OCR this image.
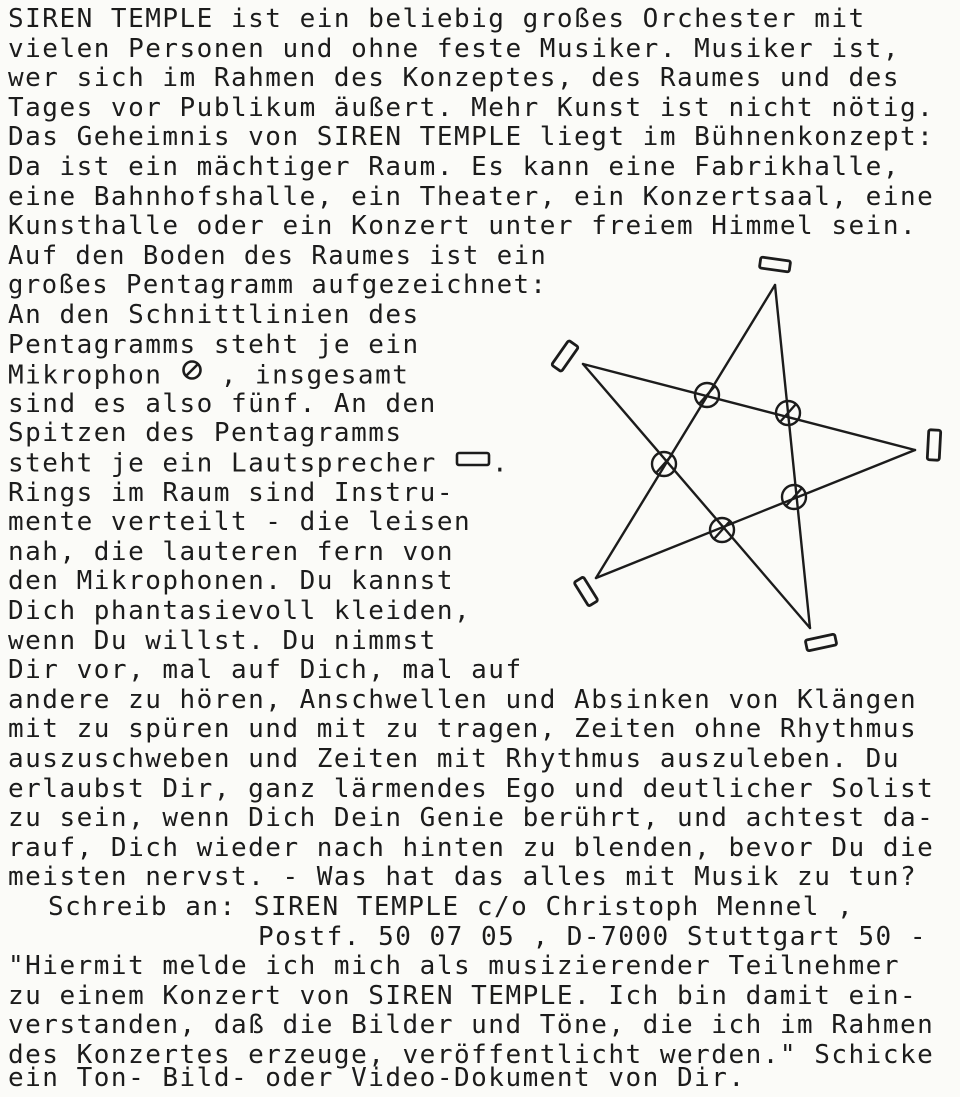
SIREN TEMPLE ist ein beliebig großes Orchester mit
vielen Personen und ohne feste Musiker. Musiker ist,
wer sich im Rahmen des Konzeptes, des Raumes und des
Tages vor Publikum äußert. Mehr Kunst ist nicht nötig.
Das Geheimnis von SIREN TEMPLE liegt im Bühnenkonzept:
Da ist ein mächtiger Raum. Es kann eine Fabrikhalle,
eine Bahnhofshalle, ein Theater, ein Konzertsaal, eine
Kunsthalle oder ein Konzert unter freiem Himmel sein.
Auf den Boden des Raumes ist ein
großes Pentagramm aufgezeichnet:
An den Schnittlinien des
Pentagramms steht je ein
Mikrophon  , insgesamt
sind es also fünf. An den
Spitzen des Pentagramms
steht je ein Lautsprecher .
Rings im Raum sind Instru-
mente verteilt - die leisen
nah, die lauteren fern von
den Mikrophonen. Du kannst
Dich phantasievoll kleiden,
wenn Du willst. Du nimmst
Dir vor, mal auf Dich, mal auf
andere zu hören, Anschwellen und Absinken von Klängen
mit zu spüren und mit zu tragen, Zeiten ohne Rhythmus
auszuschweben und Zeiten mit Rhythmus auszuleben. Du
erlaubst Dir, ganz lärmendes Ego und deutlicher Solist
zu sein, wenn Dich Dein Genie berührt, und achtest da-
rauf, Dich wieder nach hinten zu blenden, bevor Du die
meisten nervst. - Was hat das alles mit Musik zu tun?
Schreib an: SIREN TEMPLE c/o Christoph Mennel ,
Postf. 50 07 05 , D-7000 Stuttgart 50 -
"Hiermit melde ich mich als musizierender Teilnehmer
zu einem Konzert von SIREN TEMPLE. Ich bin damit ein-
verstanden, daß die Bilder und Töne, die ich im Rahmen
des Konzertes erzeuge, veröffentlicht werden." Schicke
ein Ton- Bild- oder Video-Dokument von Dir.
